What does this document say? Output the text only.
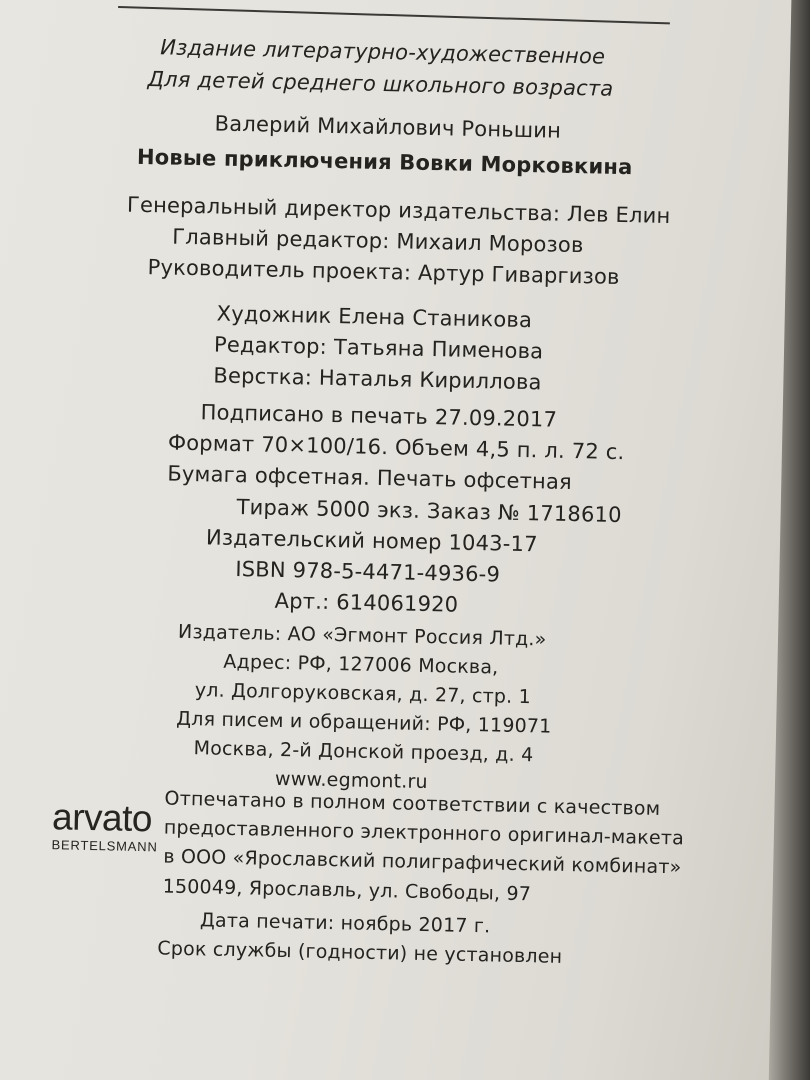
Издание литературно-художественное
Для детей среднего школьного возраста
Валерий Михайлович Роньшин
Новые приключения Вовки Морковкина
Генеральный директор издательства: Лев Елин
Главный редактор: Михаил Морозов
Руководитель проекта: Артур Гиваргизов
Художник Елена Станикова
Редактор: Татьяна Пименова
Верстка: Наталья Кириллова
Подписано в печать 27.09.2017
Формат 70×100/16. Объем 4,5 п. л. 72 с.
Бумага офсетная. Печать офсетная
Тираж 5000 экз. Заказ № 1718610
Издательский номер 1043-17
ISBN 978-5-4471-4936-9
Арт.: 614061920
Издатель: АО «Эгмонт Россия Лтд.»
Адрес: РФ, 127006 Москва,
ул. Долгоруковская, д. 27, стр. 1
Для писем и обращений: РФ, 119071
Москва, 2-й Донской проезд, д. 4
www.egmont.ru
arvato
BERTELSMANN
Отпечатано в полном соответствии с качеством
предоставленного электронного оригинал-макета
в ООО «Ярославский полиграфический комбинат»
150049, Ярославль, ул. Свободы, 97
Дата печати: ноябрь 2017 г.
Срок службы (годности) не установлен
